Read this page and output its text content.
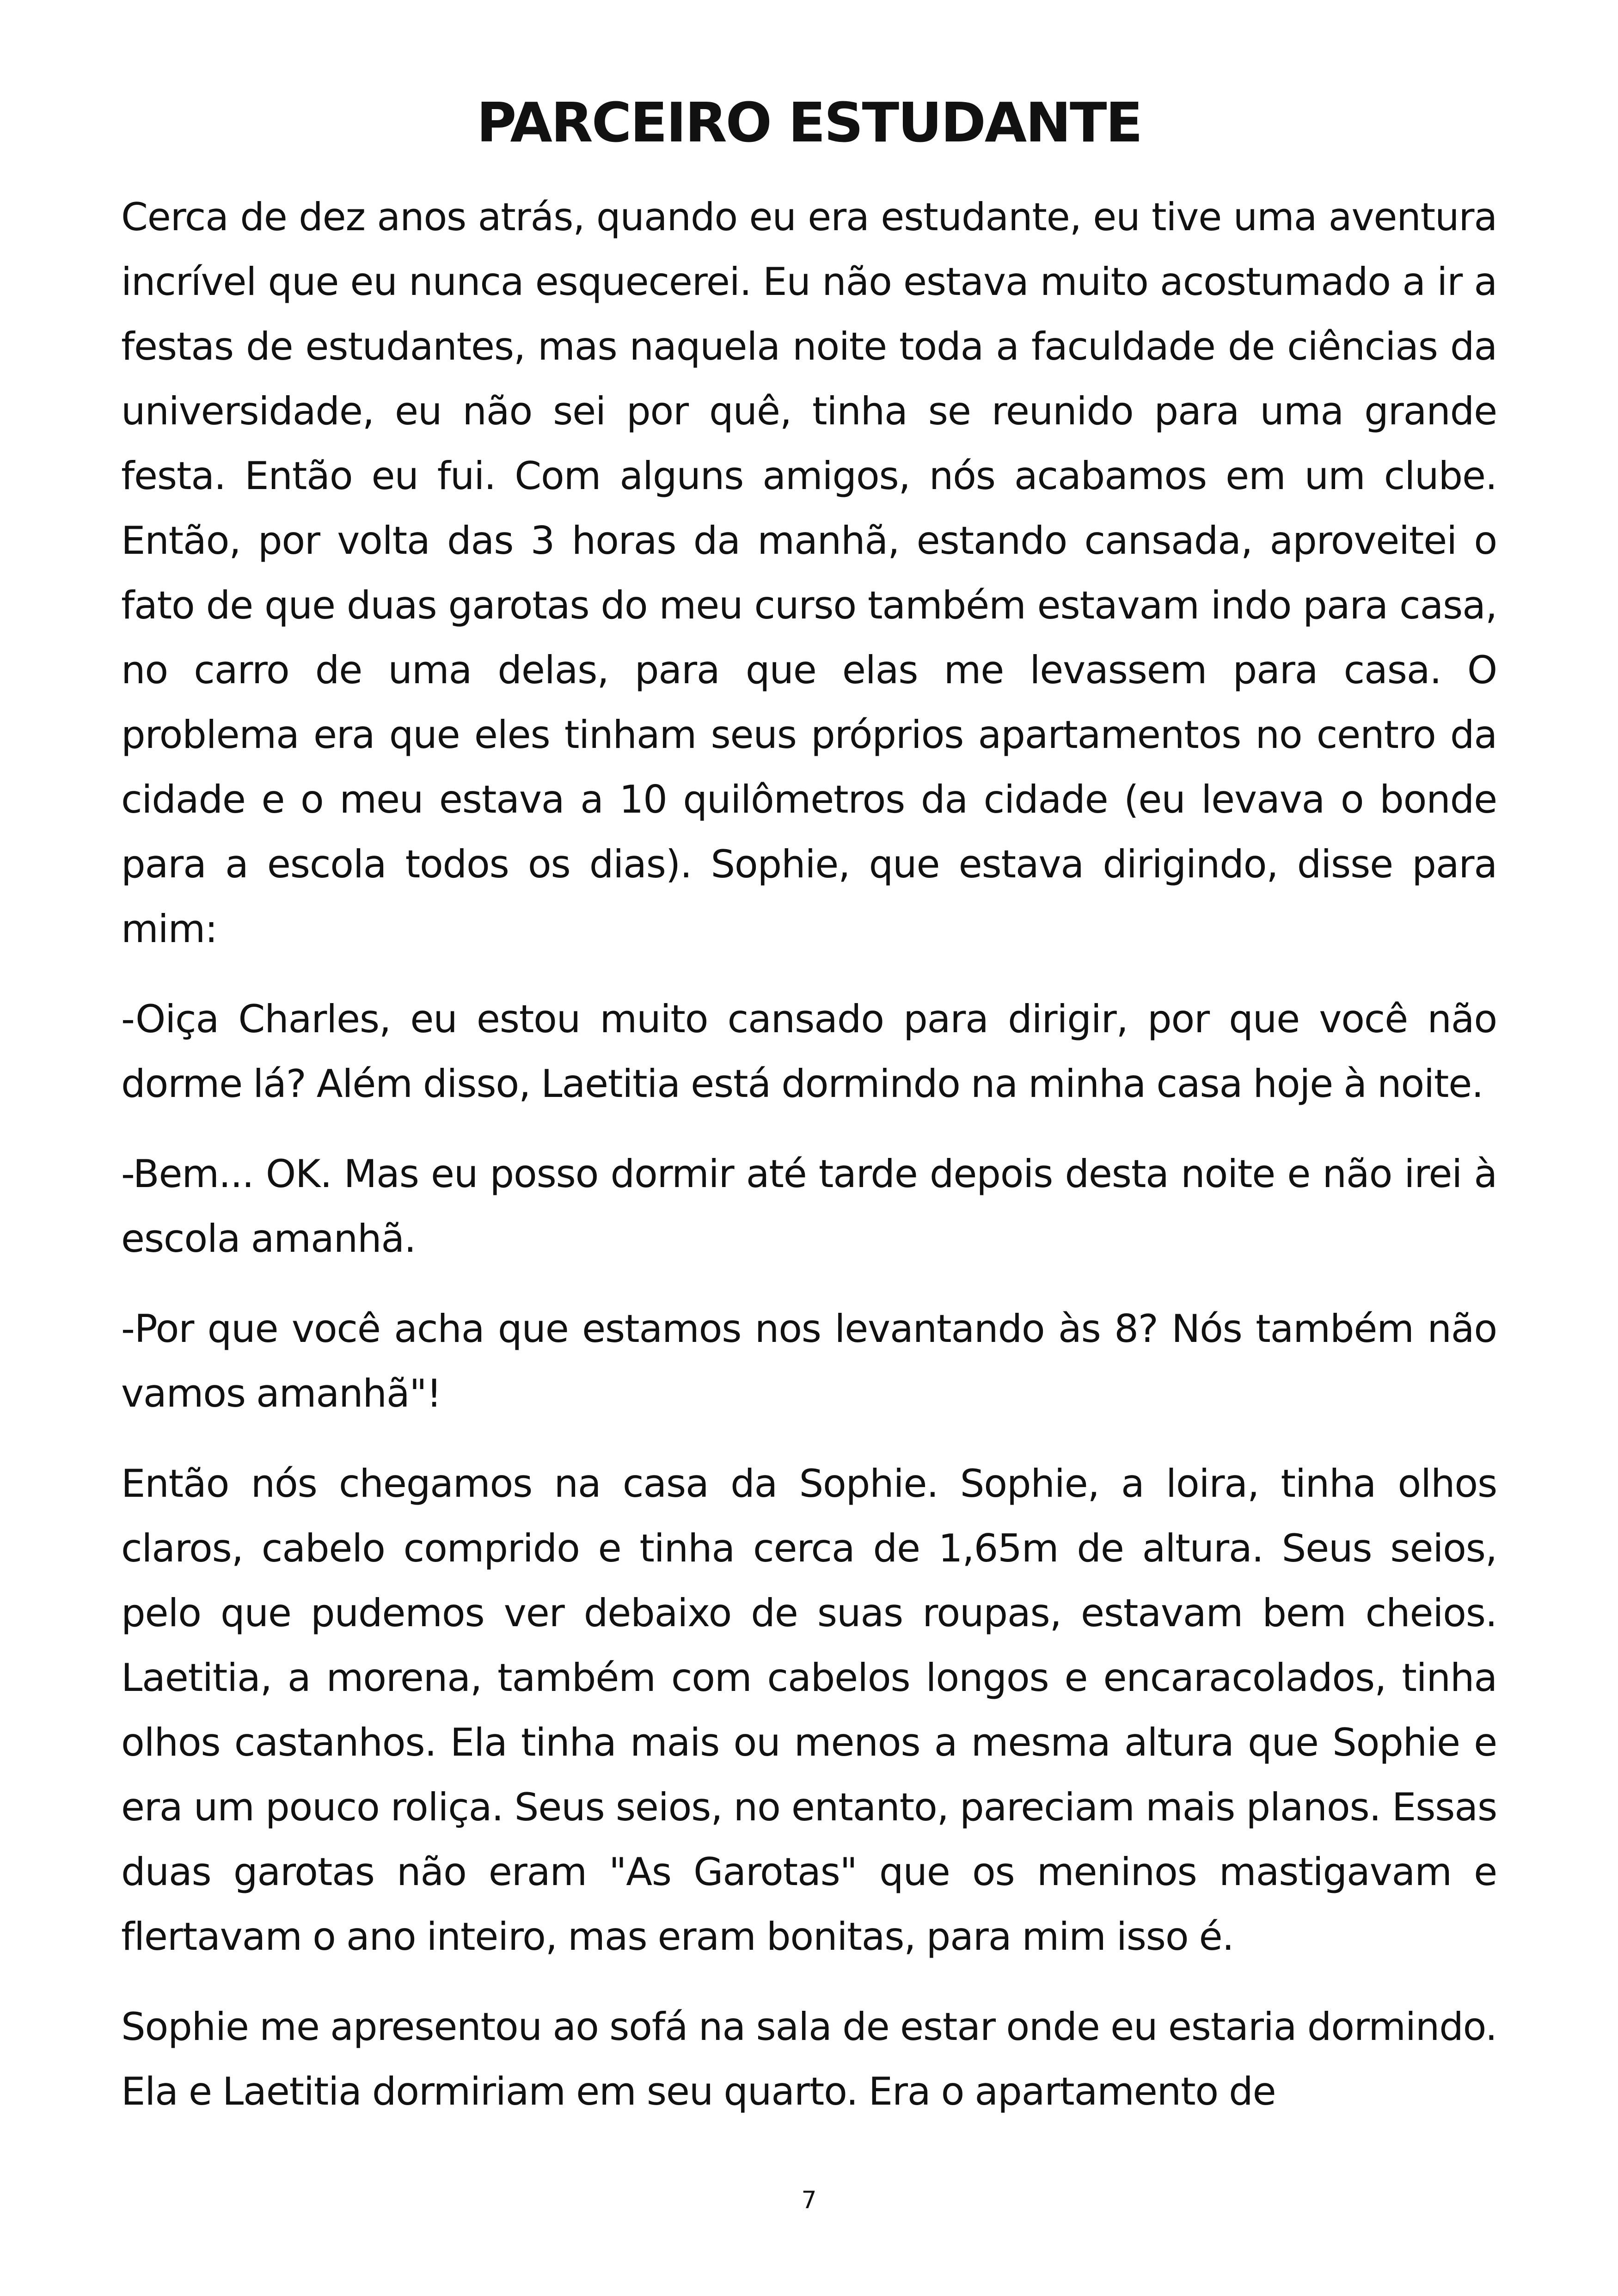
PARCEIRO ESTUDANTE

Cerca de dez anos atrás, quando eu era estudante, eu tive uma aventura incrível que eu nunca esquecerei. Eu não estava muito acostumado a ir a festas de estudantes, mas naquela noite toda a faculdade de ciências da universidade, eu não sei por quê, tinha se reunido para uma grande festa. Então eu fui. Com alguns amigos, nós acabamos em um clube. Então, por volta das 3 horas da manhã, estando cansada, aproveitei o fato de que duas garotas do meu curso também estavam indo para casa, no carro de uma delas, para que elas me levassem para casa. O problema era que eles tinham seus próprios apartamentos no centro da cidade e o meu estava a 10 quilômetros da cidade (eu levava o bonde para a escola todos os dias). Sophie, que estava dirigindo, disse para mim:

-Oiça Charles, eu estou muito cansado para dirigir, por que você não dorme lá? Além disso, Laetitia está dormindo na minha casa hoje à noite.

-Bem... OK. Mas eu posso dormir até tarde depois desta noite e não irei à escola amanhã.

-Por que você acha que estamos nos levantando às 8? Nós também não vamos amanhã"!

Então nós chegamos na casa da Sophie. Sophie, a loira, tinha olhos claros, cabelo comprido e tinha cerca de 1,65m de altura. Seus seios, pelo que pudemos ver debaixo de suas roupas, estavam bem cheios. Laetitia, a morena, também com cabelos longos e encaracolados, tinha olhos castanhos. Ela tinha mais ou menos a mesma altura que Sophie e era um pouco roliça. Seus seios, no entanto, pareciam mais planos. Essas duas garotas não eram "As Garotas" que os meninos mastigavam e flertavam o ano inteiro, mas eram bonitas, para mim isso é.

Sophie me apresentou ao sofá na sala de estar onde eu estaria dormindo. Ela e Laetitia dormiriam em seu quarto. Era o apartamento de

7
